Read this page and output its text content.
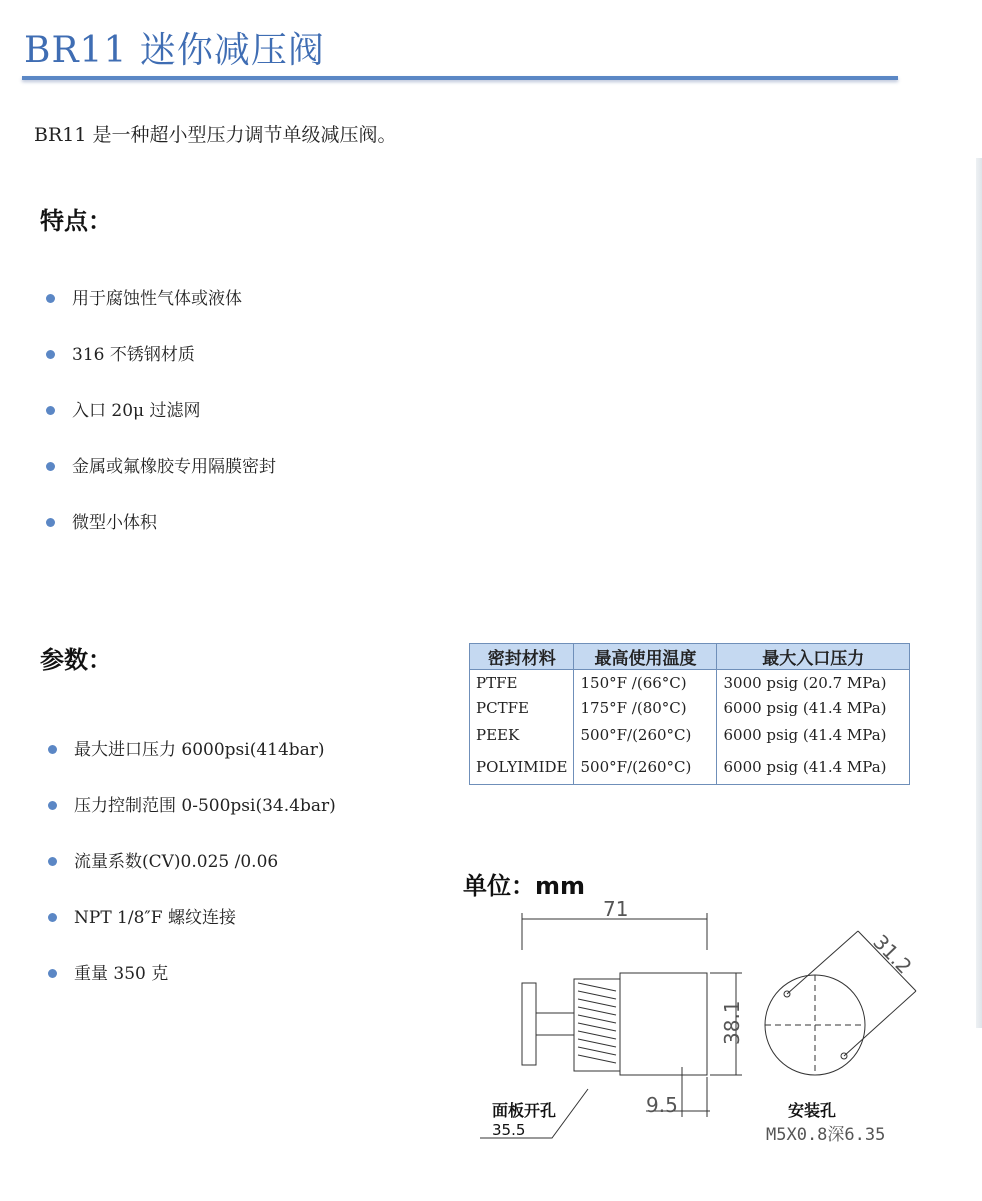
BR11 迷你减压阀
BR11 是一种超小型压力调节单级减压阀。
特点：
用于腐蚀性气体或液体
316 不锈钢材质
入口 20μ 过滤网
金属或氟橡胶专用隔膜密封
微型小体积
参数：
最大进口压力 6000psi(414bar)
压力控制范围 0-500psi(34.4bar)
流量系数(CV)0.025 /0.06
NPT 1/8″F 螺纹连接
重量 350 克
密封材料	最高使用温度	最大入口压力
PTFE	150°F /(66°C)	3000 psig (20.7 MPa)
PCTFE	175°F /(80°C)	6000 psig (41.4 MPa)
PEEK	500°F/(260°C)	6000 psig (41.4 MPa)
POLYIMIDE	500°F/(260°C)	6000 psig (41.4 MPa)
单位：mm
71
38.1
9.5
31.2
面板开孔
35.5
安装孔
M5X0.8深6.35
